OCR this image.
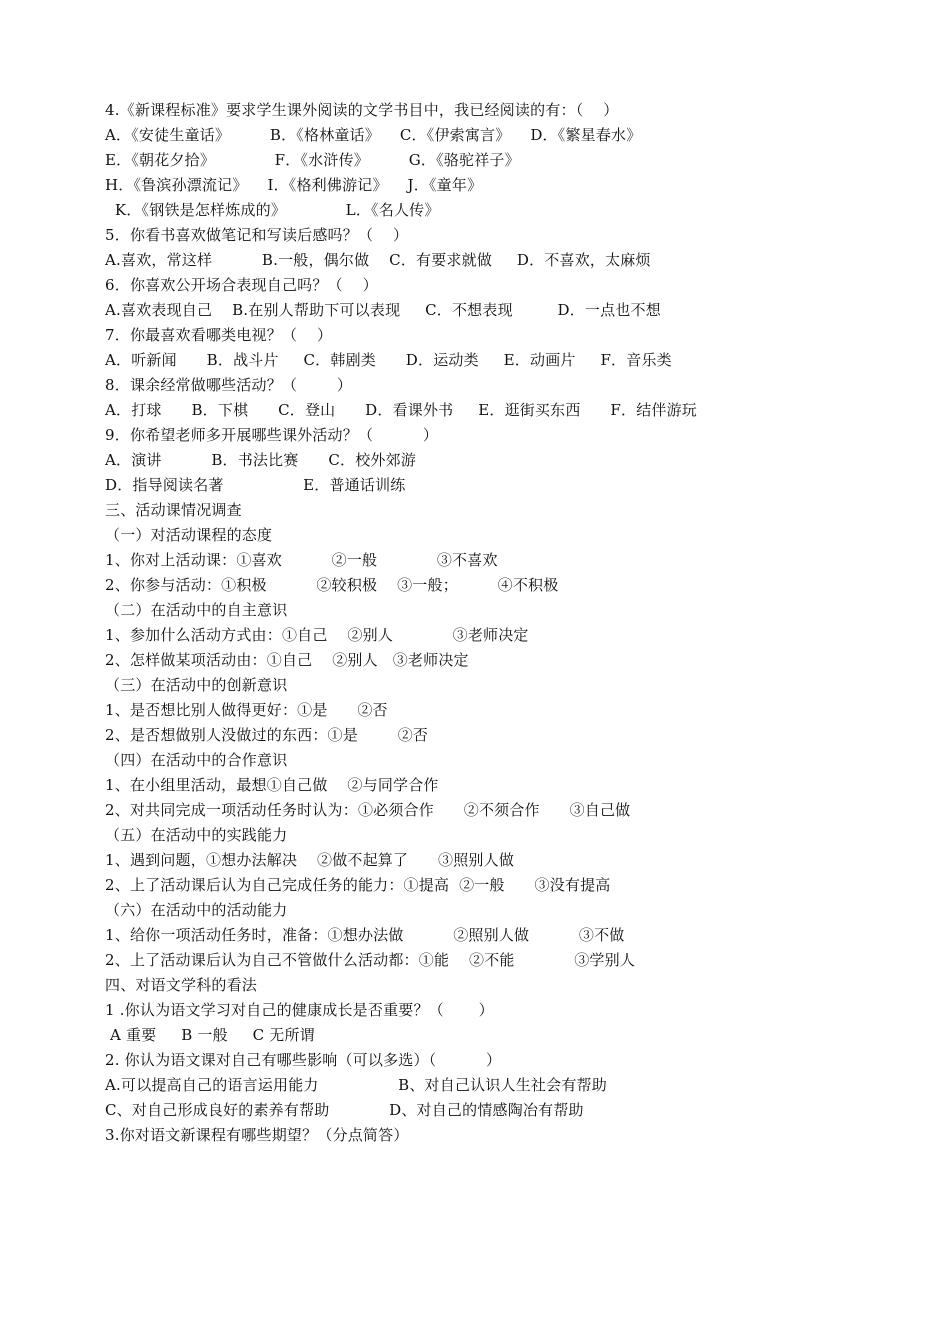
4.《新课程标准》要求学生课外阅读的文学书目中，我已经阅读的有：（    ）
A．《安徒生童话》        B．《格林童话》    C．《伊索寓言》    D．《繁星春水》
E．《朝花夕拾》            F．《水浒传》        G．《骆驼祥子》
H．《鲁滨孙漂流记》    I．《格利佛游记》    J．《童年》
K．《钢铁是怎样炼成的》            L．《名人传》
5．你看书喜欢做笔记和写读后感吗？（    ）
A.喜欢，常这样          B.一般，偶尔做    C．有要求就做     D．不喜欢，太麻烦
6．你喜欢公开场合表现自己吗？（    ）
A.喜欢表现自己    B.在别人帮助下可以表现     C．不想表现         D．一点也不想
7．你最喜欢看哪类电视？（    ）
A．听新闻      B．战斗片     C．韩剧类      D．运动类     E．动画片     F．音乐类
8．课余经常做哪些活动？（        ）
A．打球      B．下棋      C．登山      D．看课外书     E．逛街买东西      F．结伴游玩
9．你希望老师多开展哪些课外活动？（          ）
A．演讲          B．书法比赛      C．校外郊游
D．指导阅读名著                E．普通话训练
三、活动课情况调查
（一）对活动课程的态度
1、你对上活动课：①喜欢          ②一般            ③不喜欢
2、你参与活动：①积极          ②较积极    ③一般；        ④不积极
（二）在活动中的自主意识
1、参加什么活动方式由：①自己    ②别人            ③老师决定
2、怎样做某项活动由：①自己    ②别人   ③老师决定
（三）在活动中的创新意识
1、是否想比别人做得更好：①是      ②否
2、是否想做别人没做过的东西：①是        ②否
（四）在活动中的合作意识
1、在小组里活动，最想①自己做    ②与同学合作
2、对共同完成一项活动任务时认为：①必须合作      ②不须合作      ③自己做
（五）在活动中的实践能力
1、遇到问题，①想办法解决    ②做不起算了      ③照别人做
2、上了活动课后认为自己完成任务的能力：①提高  ②一般      ③没有提高
（六）在活动中的活动能力
1、给你一项活动任务时，准备：①想办法做          ②照别人做          ③不做
2、上了活动课后认为自己不管做什么活动都：①能    ②不能            ③学别人
四、对语文学科的看法
1 .你认为语文学习对自己的健康成长是否重要？（       ）
A 重要     B 一般     C 无所谓
2. 你认为语文课对自己有哪些影响（可以多选）（          ）
A.可以提高自己的语言运用能力                B、对自己认识人生社会有帮助
C、对自己形成良好的素养有帮助            D、对自己的情感陶冶有帮助
3.你对语文新课程有哪些期望？（分点简答）
